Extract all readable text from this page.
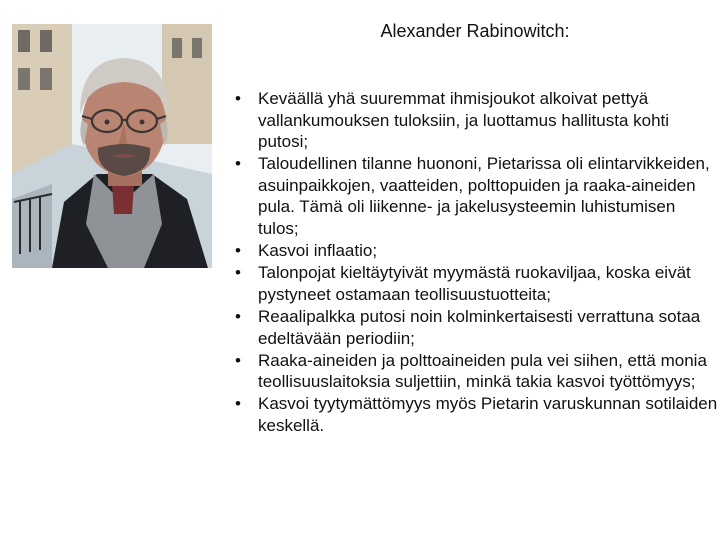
Alexander Rabinowitch:
• Keväällä yhä suuremmat ihmisjoukot alkoivat pettyä vallankumouksen tuloksiin, ja luottamus hallitusta kohti putosi;
• Taloudellinen tilanne huononi, Pietarissa oli elintarvikkeiden, asuinpaikkojen, vaatteiden, polttopuiden ja raaka-aineiden pula. Tämä oli liikenne- ja jakelusysteemin luhistumisen tulos;
• Kasvoi inflaatio;
• Talonpojat kieltäytyivät myymästä ruokaviljaa, koska eivät pystyneet ostamaan teollisuustuotteita;
• Reaalipalkka putosi noin kolminkertaisesti verrattuna sotaa edeltävään periodiin;
• Raaka-aineiden ja polttoaineiden pula vei siihen, että monia teollisuuslaitoksia suljettiin, minkä takia kasvoi työttömyys;
• Kasvoi tyytymättömyys myös Pietarin varuskunnan sotilaiden keskellä.
